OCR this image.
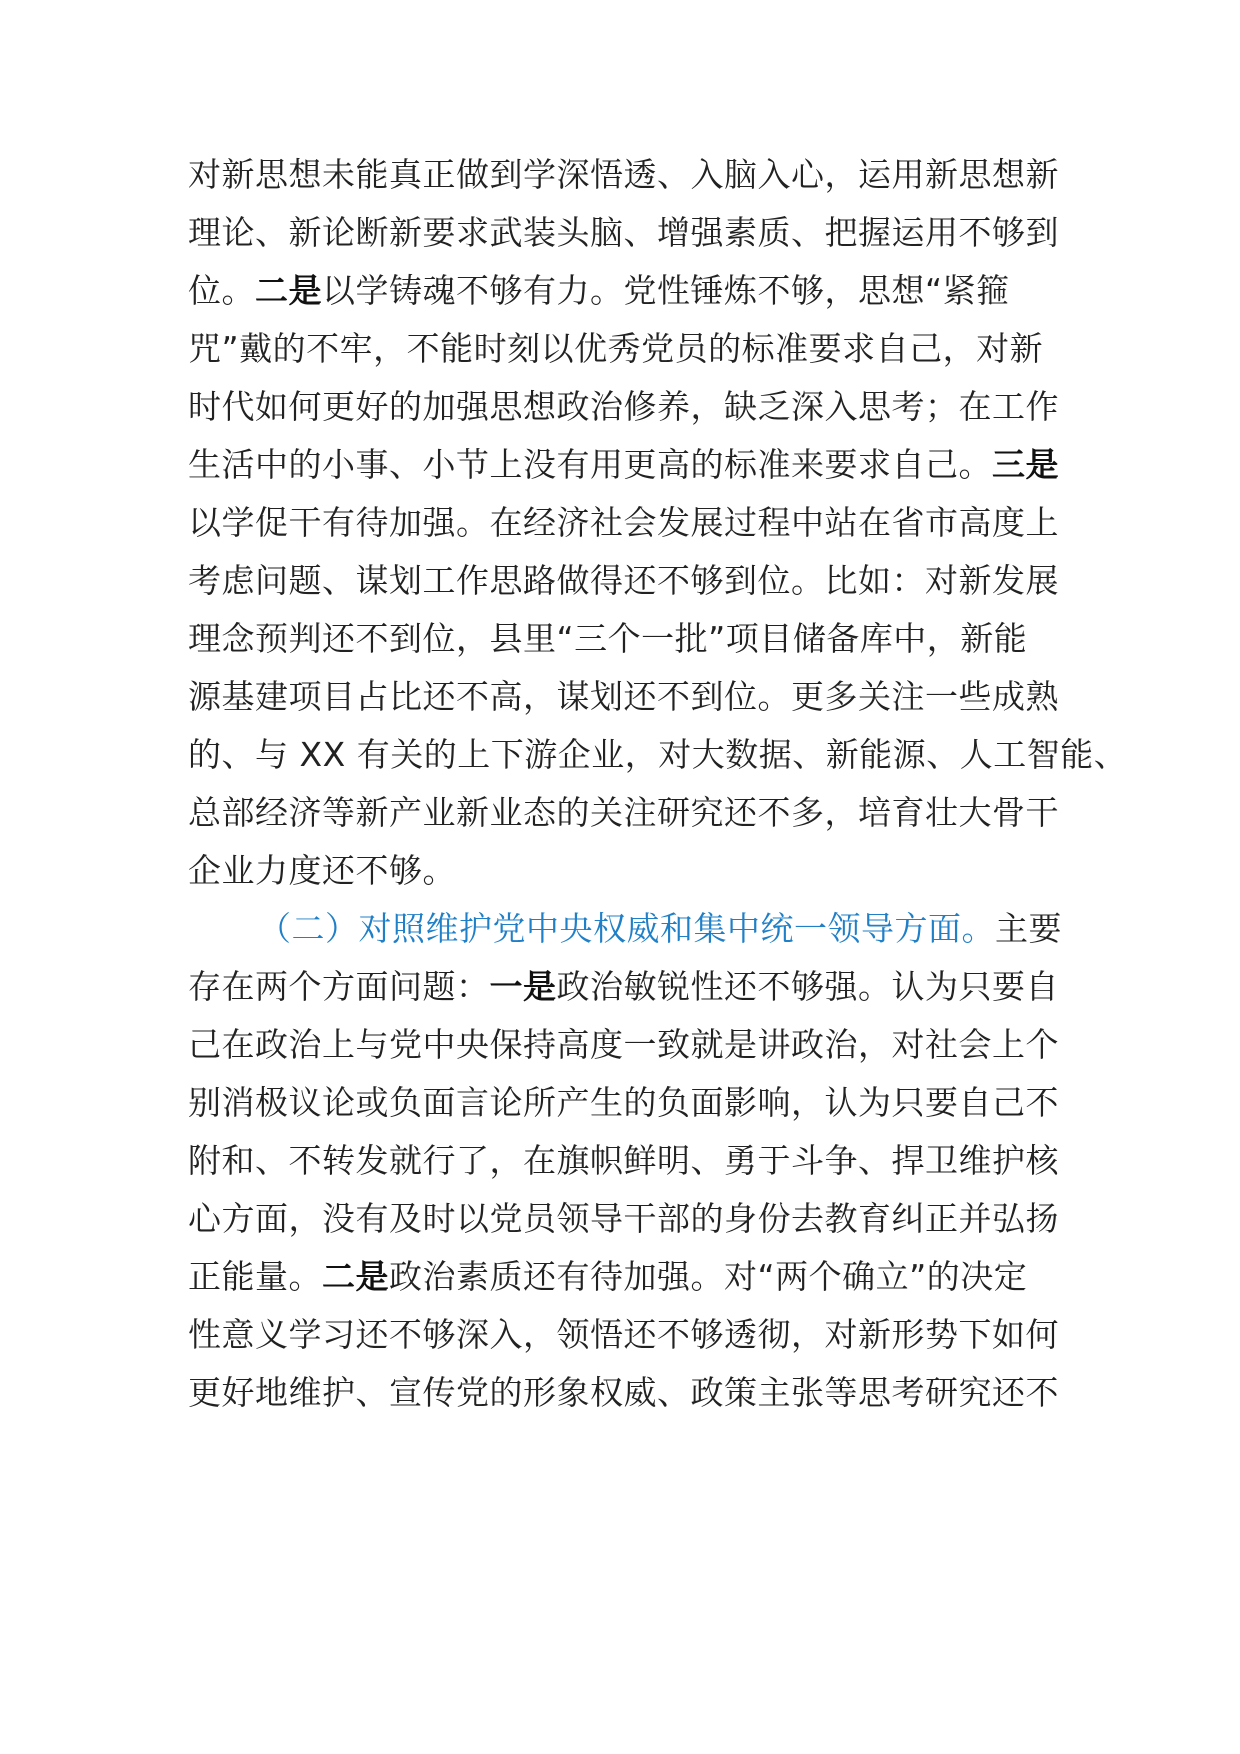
对新思想未能真正做到学深悟透、入脑入心，运用新思想新
理论、新论断新要求武装头脑、增强素质、把握运用不够到
位。二是以学铸魂不够有力。党性锤炼不够，思想“紧箍
咒”戴的不牢，不能时刻以优秀党员的标准要求自己，对新
时代如何更好的加强思想政治修养，缺乏深入思考；在工作
生活中的小事、小节上没有用更高的标准来要求自己。三是
以学促干有待加强。在经济社会发展过程中站在省市高度上
考虑问题、谋划工作思路做得还不够到位。比如：对新发展
理念预判还不到位，县里“三个一批”项目储备库中，新能
源基建项目占比还不高，谋划还不到位。更多关注一些成熟
的、与 XX 有关的上下游企业，对大数据、新能源、人工智能、
总部经济等新产业新业态的关注研究还不多，培育壮大骨干
企业力度还不够。
（二）对照维护党中央权威和集中统一领导方面。主要
存在两个方面问题：一是政治敏锐性还不够强。认为只要自
己在政治上与党中央保持高度一致就是讲政治，对社会上个
别消极议论或负面言论所产生的负面影响，认为只要自己不
附和、不转发就行了，在旗帜鲜明、勇于斗争、捍卫维护核
心方面，没有及时以党员领导干部的身份去教育纠正并弘扬
正能量。二是政治素质还有待加强。对“两个确立”的决定
性意义学习还不够深入，领悟还不够透彻，对新形势下如何
更好地维护、宣传党的形象权威、政策主张等思考研究还不
